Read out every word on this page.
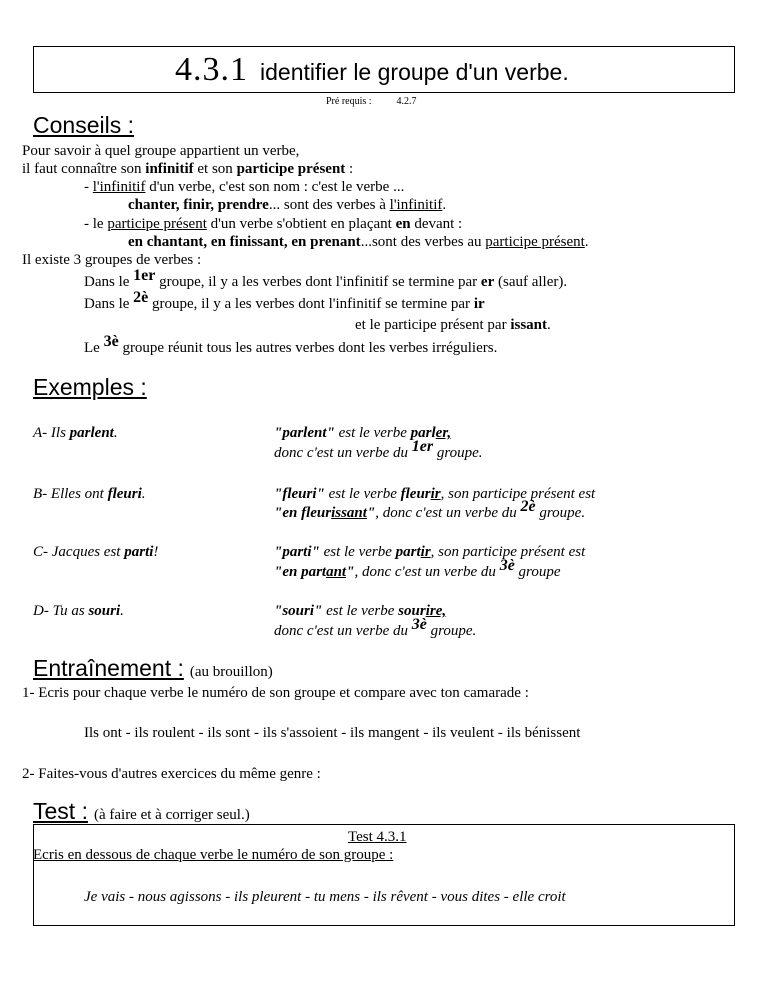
4.3.1 identifier le groupe d'un verbe.
Pré requis :	4.2.7
Conseils :
Pour savoir à quel groupe appartient un verbe,
il faut connaître son infinitif et son participe présent :
- l'infinitif d'un verbe, c'est son nom : c'est le verbe ...
chanter, finir, prendre... sont des verbes à l'infinitif.
- le participe présent d'un verbe s'obtient en plaçant en devant :
en chantant, en finissant, en prenant...sont des verbes au participe présent.
Il existe 3 groupes de verbes :
Dans le 1er groupe, il y a les verbes dont l'infinitif se termine par er (sauf aller).
Dans le 2è groupe, il y a les verbes dont l'infinitif se termine par ir
et le participe présent par issant.
Le 3è groupe réunit tous les autres verbes dont les verbes irréguliers.
Exemples :
A- Ils parlent.	"parlent" est le verbe parler,
donc c'est un verbe du 1er groupe.
B- Elles ont fleuri.	"fleuri" est le verbe fleurir, son participe présent est
"en fleurissant", donc c'est un verbe du 2è groupe.
C- Jacques est parti!	"parti" est le verbe partir, son participe présent est
"en partant", donc c'est un verbe du 3è groupe
D- Tu as souri.	"souri" est le verbe sourire,
donc c'est un verbe du 3è groupe.
Entraînement : (au brouillon)
1- Ecris pour chaque verbe le numéro de son groupe et compare avec ton camarade :
Ils ont - ils roulent - ils sont - ils s'assoient - ils mangent - ils veulent - ils bénissent
2- Faites-vous d'autres exercices du même genre :
Test : (à faire et à corriger seul.)
Test 4.3.1
Ecris en dessous de chaque verbe le numéro de son groupe :
Je vais - nous agissons - ils pleurent - tu mens - ils rêvent - vous dites - elle croit
